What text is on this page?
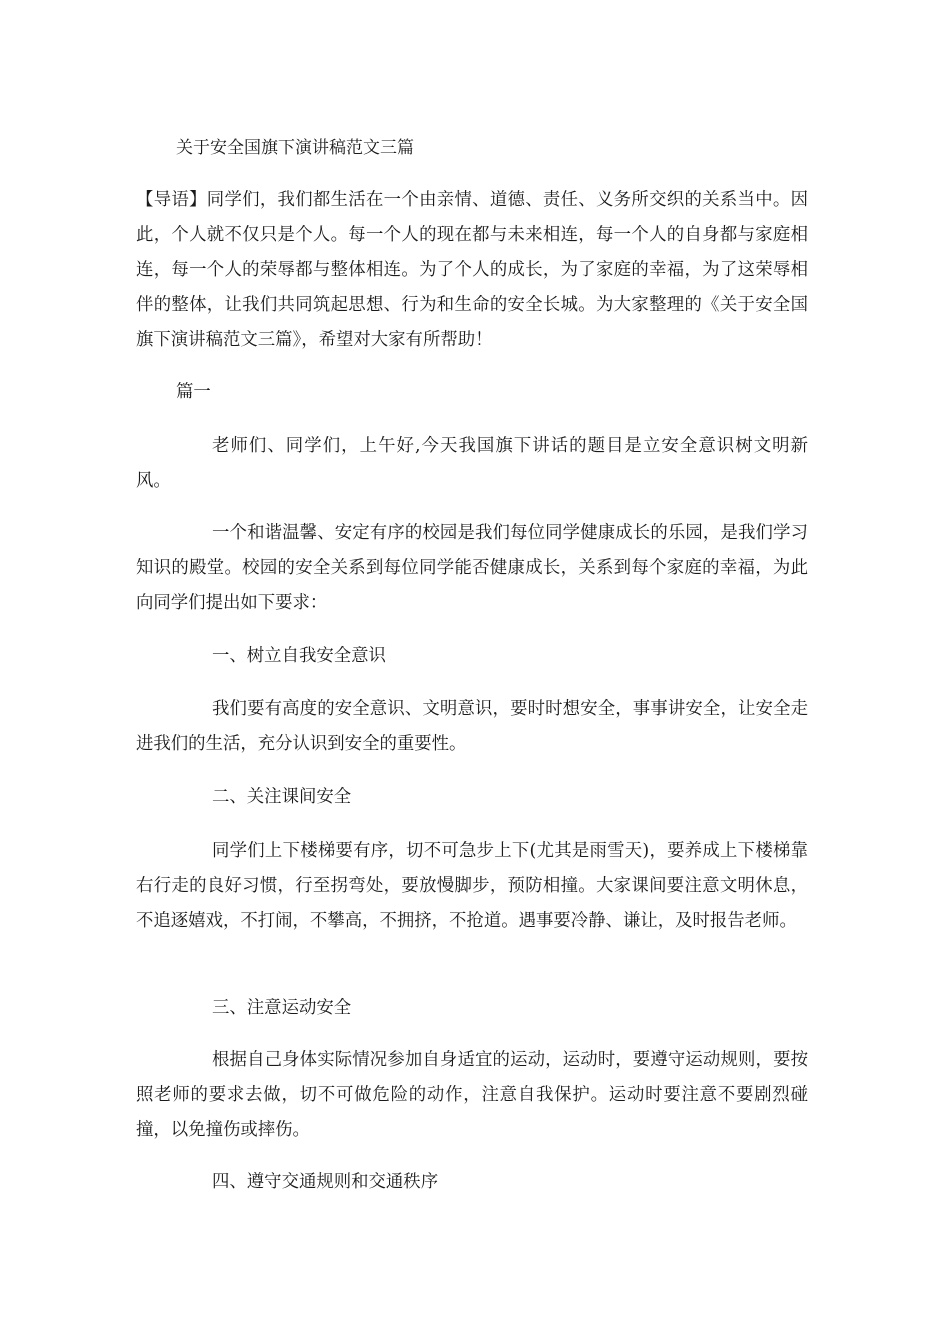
关于安全国旗下演讲稿范文三篇

【导语】同学们，我们都生活在一个由亲情、道德、责任、义务所交织的关系当中。因此，个人就不仅只是个人。每一个人的现在都与未来相连，每一个人的自身都与家庭相连，每一个人的荣辱都与整体相连。为了个人的成长，为了家庭的幸福，为了这荣辱相伴的整体，让我们共同筑起思想、行为和生命的安全长城。为大家整理的《关于安全国旗下演讲稿范文三篇》，希望对大家有所帮助！

篇一

老师们、同学们，上午好,今天我国旗下讲话的题目是立安全意识树文明新风。

一个和谐温馨、安定有序的校园是我们每位同学健康成长的乐园，是我们学习知识的殿堂。校园的安全关系到每位同学能否健康成长，关系到每个家庭的幸福，为此向同学们提出如下要求：

一、树立自我安全意识

我们要有高度的安全意识、文明意识，要时时想安全，事事讲安全，让安全走进我们的生活，充分认识到安全的重要性。

二、关注课间安全

同学们上下楼梯要有序，切不可急步上下(尤其是雨雪天)，要养成上下楼梯靠右行走的良好习惯，行至拐弯处，要放慢脚步，预防相撞。大家课间要注意文明休息，不追逐嬉戏，不打闹，不攀高，不拥挤，不抢道。遇事要冷静、谦让，及时报告老师。

三、注意运动安全

根据自己身体实际情况参加自身适宜的运动，运动时，要遵守运动规则，要按照老师的要求去做，切不可做危险的动作，注意自我保护。运动时要注意不要剧烈碰撞，以免撞伤或摔伤。

四、遵守交通规则和交通秩序
